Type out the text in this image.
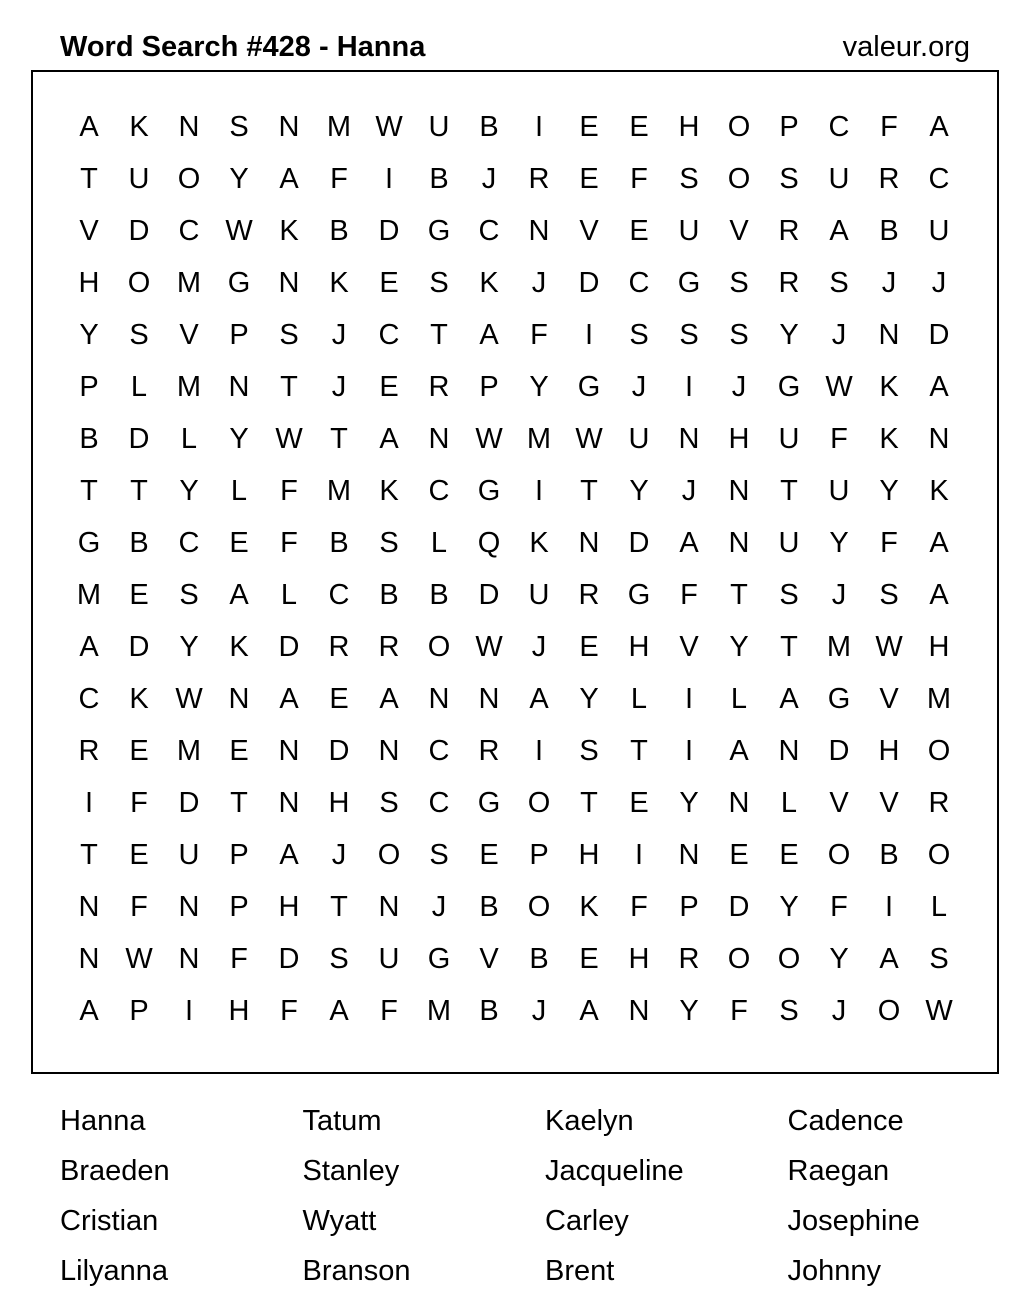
Word Search #428 - Hanna	valeur.org
A	K	N	S	N M W U	B	I	E	E	H O	P	C	F	A
T	U O	Y	A	F	I	B	J	R	E	F	S	O	S	U	R	C
V	D	C W K	B	D G C	N	V	E	U	V	R	A	B	U
H O M G N	K	E	S	K	J	D	C G	S	R	S	J	J
Y	S	V	P	S	J	C	T	A	F	I	S	S	S	Y	J	N	D
P	L	M N	T	J	E	R	P	Y	G	J	I	J	G W K	A
B	D	L	Y W T	A	N W M W U	N	H	U	F	K	N
T	T	Y	L	F	M K	C G	I	T	Y	J	N	T	U	Y	K
G	B	C	E	F	B	S	L	Q	K	N	D	A	N	U	Y	F	A
M E	S	A	L	C	B	B	D	U	R G	F	T	S	J	S	A
A	D	Y	K	D	R	R O W	J	E	H	V	Y	T	M W H
C	K W N	A	E	A	N	N	A	Y	L	I	L	A	G	V M
R	E M E	N	D	N	C	R	I	S	T	I	A	N	D	H O
I	F	D	T	N	H	S	C G O	T	E	Y	N	L	V	V	R
T	E	U	P	A	J	O	S	E	P	H	I	N	E	E	O	B	O
N	F	N	P	H	T	N	J	B	O	K	F	P	D	Y	F	I	L
N W N	F	D	S	U G	V	B	E	H	R O O	Y	A	S
A	P	I	H	F	A	F	M B	J	A	N	Y	F	S	J	O W
Hanna	Tatum	Kaelyn	Cadence
Braeden	Stanley	Jacqueline	Raegan
Cristian	Wyatt	Carley	Josephine
Lilyanna	Branson	Brent	Johnny
